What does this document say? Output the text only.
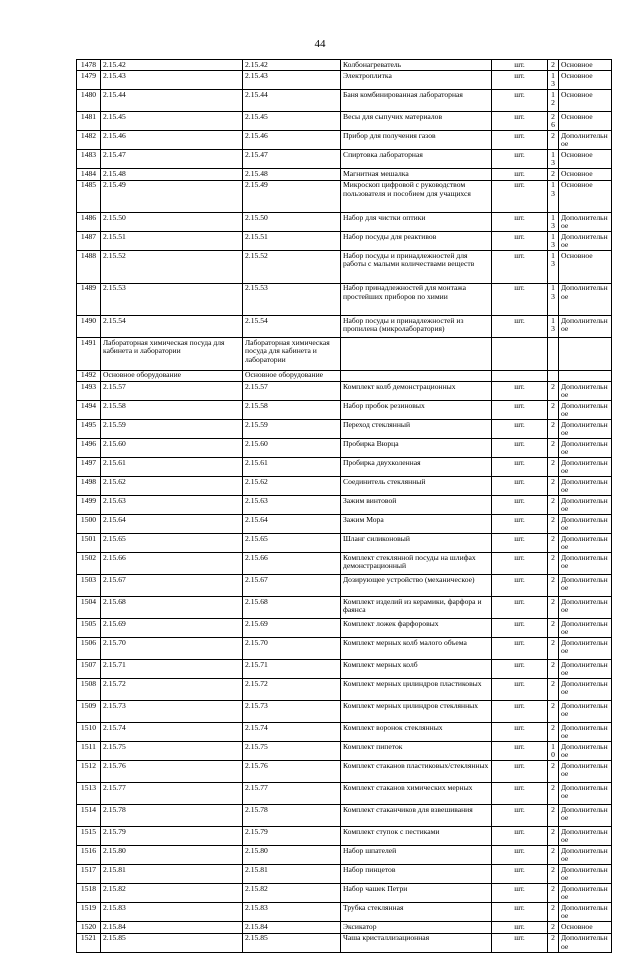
44
1478	2.15.42	2.15.42	Колбонагреватель	шт.	2	Основное
1479	2.15.43	2.15.43	Электроплитка	шт.	13	Основное
1480	2.15.44	2.15.44	Баня комбинированная лабораторная	шт.	12	Основное
1481	2.15.45	2.15.45	Весы для сыпучих материалов	шт.	26	Основное
1482	2.15.46	2.15.46	Прибор для получения газов	шт.	2	Дополнительное
1483	2.15.47	2.15.47	Спиртовка лабораторная	шт.	13	Основное
1484	2.15.48	2.15.48	Магнитная мешалка	шт.	2	Основное
1485	2.15.49	2.15.49	Микроскоп цифровой с руководством пользователя и пособием для учащихся	шт.	13	Основное
1486	2.15.50	2.15.50	Набор для чистки оптики	шт.	13	Дополнительное
1487	2.15.51	2.15.51	Набор посуды для реактивов	шт.	13	Дополнительное
1488	2.15.52	2.15.52	Набор посуды и принадлежностей для работы с малыми количествами веществ	шт.	13	Основное
1489	2.15.53	2.15.53	Набор принадлежностей для монтажа простейших приборов по химии	шт.	13	Дополнительное
1490	2.15.54	2.15.54	Набор посуды и принадлежностей из пропилена (микролаборатория)	шт.	13	Дополнительное
1491	Лабораторная химическая посуда для кабинета и лаборатории	Лабораторная химическая посуда для кабинета и лаборатории				
1492	Основное оборудование	Основное оборудование				
1493	2.15.57	2.15.57	Комплект колб демонстрационных	шт.	2	Дополнительное
1494	2.15.58	2.15.58	Набор пробок резиновых	шт.	2	Дополнительное
1495	2.15.59	2.15.59	Переход стеклянный	шт.	2	Дополнительное
1496	2.15.60	2.15.60	Пробирка Вюрца	шт.	2	Дополнительное
1497	2.15.61	2.15.61	Пробирка двухколенная	шт.	2	Дополнительное
1498	2.15.62	2.15.62	Соединитель стеклянный	шт.	2	Дополнительное
1499	2.15.63	2.15.63	Зажим винтовой	шт.	2	Дополнительное
1500	2.15.64	2.15.64	Зажим Мора	шт.	2	Дополнительное
1501	2.15.65	2.15.65	Шланг силиконовый	шт.	2	Дополнительное
1502	2.15.66	2.15.66	Комплект стеклянной посуды на шлифах демонстрационный	шт.	2	Дополнительное
1503	2.15.67	2.15.67	Дозирующее устройство (механическое)	шт.	2	Дополнительное
1504	2.15.68	2.15.68	Комплект изделий из керамики, фарфора и фаянса	шт.	2	Дополнительное
1505	2.15.69	2.15.69	Комплект ложек фарфоровых	шт.	2	Дополнительное
1506	2.15.70	2.15.70	Комплект мерных колб малого объема	шт.	2	Дополнительное
1507	2.15.71	2.15.71	Комплект мерных колб	шт.	2	Дополнительное
1508	2.15.72	2.15.72	Комплект мерных цилиндров пластиковых	шт.	2	Дополнительное
1509	2.15.73	2.15.73	Комплект мерных цилиндров стеклянных	шт.	2	Дополнительное
1510	2.15.74	2.15.74	Комплект воронок стеклянных	шт.	2	Дополнительное
1511	2.15.75	2.15.75	Комплект пипеток	шт.	10	Дополнительное
1512	2.15.76	2.15.76	Комплект стаканов пластиковых/стеклянных	шт.	2	Дополнительное
1513	2.15.77	2.15.77	Комплект стаканов химических мерных	шт.	2	Дополнительное
1514	2.15.78	2.15.78	Комплект стаканчиков для взвешивания	шт.	2	Дополнительное
1515	2.15.79	2.15.79	Комплект ступок с пестиками	шт.	2	Дополнительное
1516	2.15.80	2.15.80	Набор шпателей	шт.	2	Дополнительное
1517	2.15.81	2.15.81	Набор пинцетов	шт.	2	Дополнительное
1518	2.15.82	2.15.82	Набор чашек Петри	шт.	2	Дополнительное
1519	2.15.83	2.15.83	Трубка стеклянная	шт.	2	Дополнительное
1520	2.15.84	2.15.84	Эксикатор	шт.	2	Основное
1521	2.15.85	2.15.85	Чаша кристаллизационная	шт.	2	Дополнительное
